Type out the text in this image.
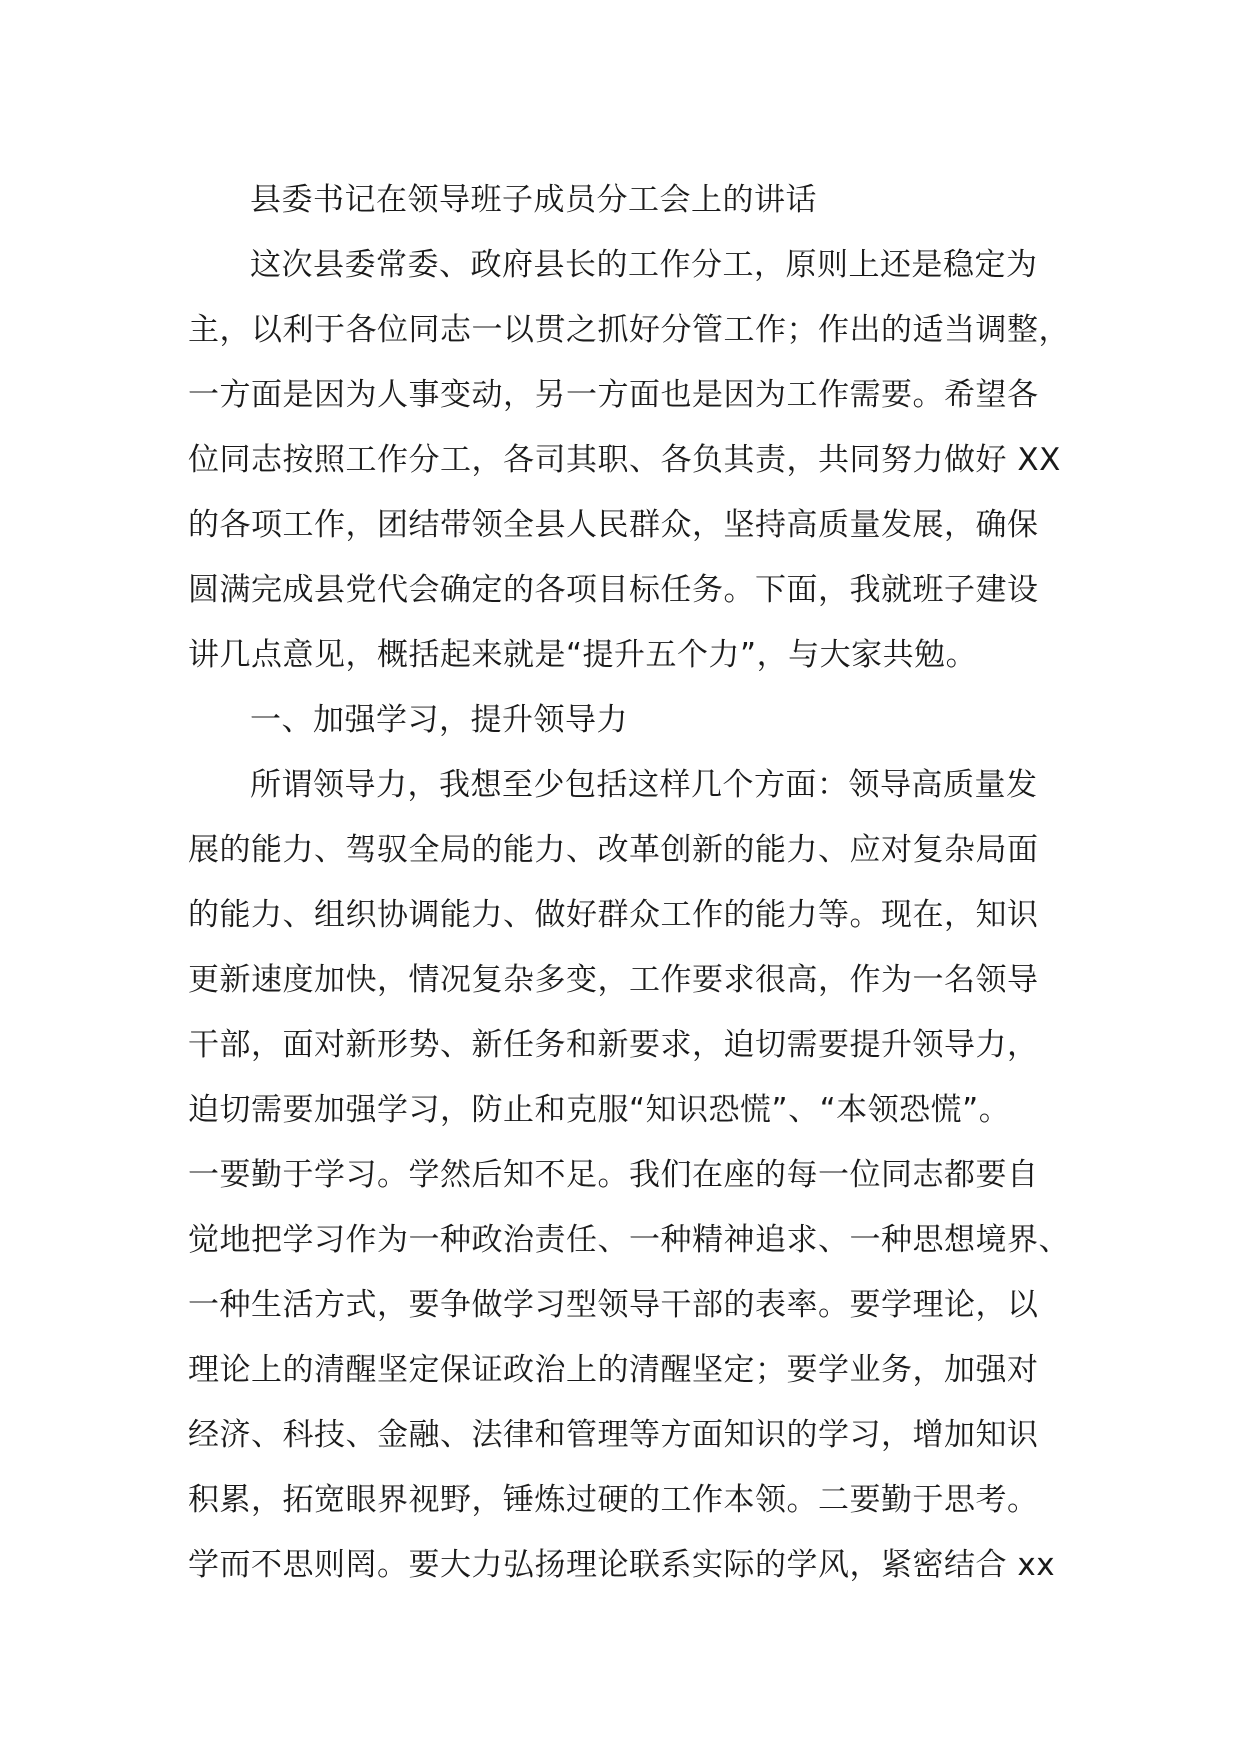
县委书记在领导班子成员分工会上的讲话
这次县委常委、政府县长的工作分工，原则上还是稳定为
主，以利于各位同志一以贯之抓好分管工作；作出的适当调整，
一方面是因为人事变动，另一方面也是因为工作需要。希望各
位同志按照工作分工，各司其职、各负其责，共同努力做好 XX
的各项工作，团结带领全县人民群众，坚持高质量发展，确保
圆满完成县党代会确定的各项目标任务。下面，我就班子建设
讲几点意见，概括起来就是“提升五个力”，与大家共勉。
一、加强学习，提升领导力
所谓领导力，我想至少包括这样几个方面：领导高质量发
展的能力、驾驭全局的能力、改革创新的能力、应对复杂局面
的能力、组织协调能力、做好群众工作的能力等。现在，知识
更新速度加快，情况复杂多变，工作要求很高，作为一名领导
干部，面对新形势、新任务和新要求，迫切需要提升领导力，
迫切需要加强学习，防止和克服“知识恐慌”、“本领恐慌”。
一要勤于学习。学然后知不足。我们在座的每一位同志都要自
觉地把学习作为一种政治责任、一种精神追求、一种思想境界、
一种生活方式，要争做学习型领导干部的表率。要学理论，以
理论上的清醒坚定保证政治上的清醒坚定；要学业务，加强对
经济、科技、金融、法律和管理等方面知识的学习，增加知识
积累，拓宽眼界视野，锤炼过硬的工作本领。二要勤于思考。
学而不思则罔。要大力弘扬理论联系实际的学风，紧密结合 xx
